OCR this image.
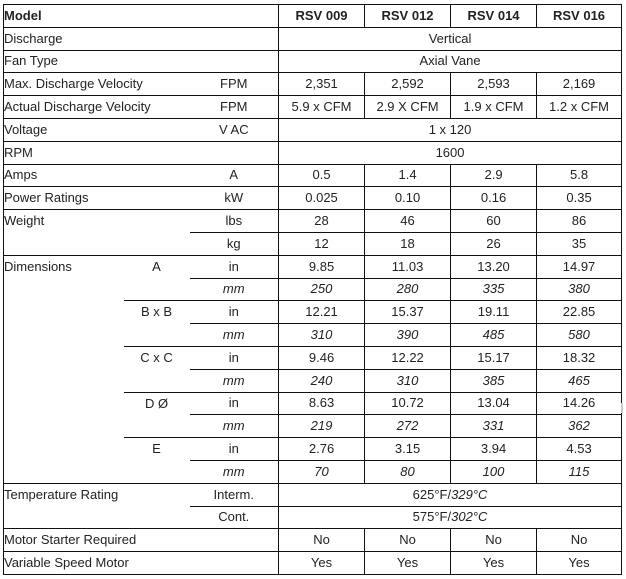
Model			RSV 009	RSV 012	RSV 014	RSV 016
Discharge			Vertical			
Fan Type			Axial Vane			
Max. Discharge Velocity		FPM	2,351	2,592	2,593	2,169
Actual Discharge Velocity		FPM	5.9 x CFM	2.9 X CFM	1.9 x CFM	1.2 x CFM
Voltage		V AC	1 x 120			
RPM			1600			
Amps		A	0.5	1.4	2.9	5.8
Power Ratings		kW	0.025	0.10	0.16	0.35
Weight		lbs	28	46	60	86
		kg	12	18	26	35
Dimensions	A	in	9.85	11.03	13.20	14.97
		mm	250	280	335	380
	B x B	in	12.21	15.37	19.11	22.85
		mm	310	390	485	580
	C x C	in	9.46	12.22	15.17	18.32
		mm	240	310	385	465
	D Ø	in	8.63	10.72	13.04	14.26
		mm	219	272	331	362
	E	in	2.76	3.15	3.94	4.53
		mm	70	80	100	115
Temperature Rating		Interm.	625°F/329°C			
		Cont.	575°F/302°C			
Motor Starter Required			No	No	No	No
Variable Speed Motor			Yes	Yes	Yes	Yes
